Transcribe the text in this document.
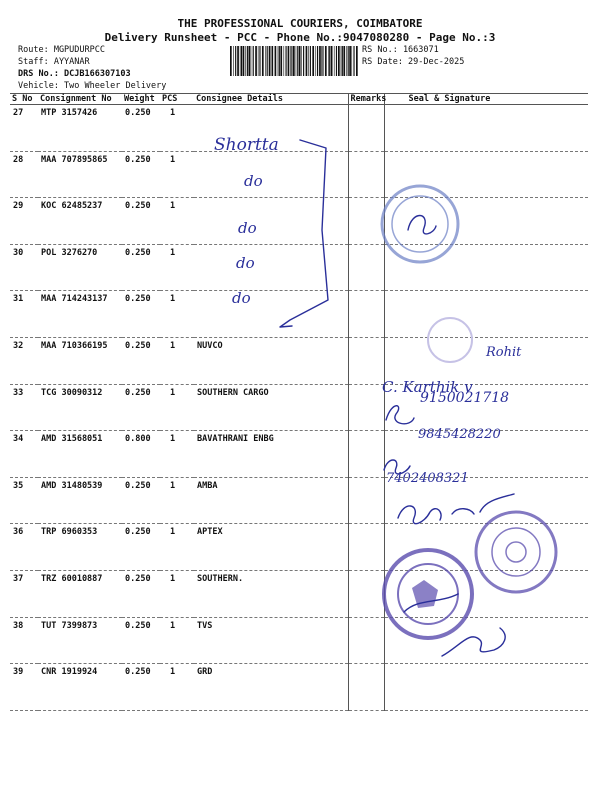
THE PROFESSIONAL COURIERS, COIMBATORE
Delivery Runsheet - PCC - Phone No.:9047080280 - Page No.:3
Route: MGPUDURPCC
Staff: AYYANAR
DRS No.: DCJB166307103
Vehicle: Two Wheeler Delivery
RS No.: 1663071
RS Date: 29-Dec-2025
S No	Consignment No	Weight	PCS	Consignee Details	Remarks	Seal & Signature
27	MTP 3157426	0.250	1			
28	MAA 707895865	0.250	1			
29	KOC 62485237	0.250	1			
30	POL 3276270	0.250	1			
31	MAA 714243137	0.250	1			
32	MAA 710366195	0.250	1	NUVCO		
33	TCG 30090312	0.250	1	SOUTHERN CARGO		
34	AMD 31568051	0.800	1	BAVATHRANI ENBG		
35	AMD 31480539	0.250	1	AMBA		
36	TRP 6960353	0.250	1	APTEX		
37	TRZ 60010887	0.250	1	SOUTHERN.		
38	TUT 7399873	0.250	1	TVS		
39	CNR 1919924	0.250	1	GRD		
Shortta
do
do
do
do
Rohit
C. Karthik v
9150021718
9845428220
7402408321
